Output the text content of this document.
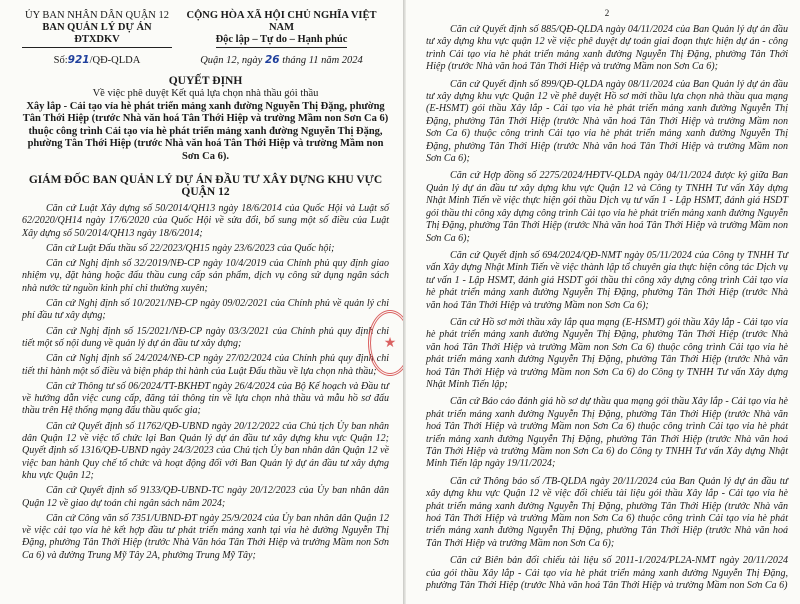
ỦY BAN NHÂN DÂN QUẬN 12
BAN QUẢN LÝ DỰ ÁN ĐTXDKV
CỘNG HÒA XÃ HỘI CHỦ NGHĨA VIỆT NAM
Độc lập – Tự do – Hạnh phúc
Số:921/QĐ-QLDA	Quận 12, ngày 26 tháng 11 năm 2024
QUYẾT ĐỊNH
Về việc phê duyệt Kết quả lựa chọn nhà thầu gói thầu
Xây lắp - Cải tạo vỉa hè phát triển mảng xanh đường Nguyễn Thị Đặng, phường Tân Thới Hiệp (trước Nhà văn hoá Tân Thới Hiệp và trường Mầm non Sơn Ca 6) thuộc công trình Cải tạo vỉa hè phát triển mảng xanh đường Nguyễn Thị Đặng, phường Tân Thới Hiệp (trước Nhà văn hoá Tân Thới Hiệp và trường Mầm non Sơn Ca 6).
GIÁM ĐỐC BAN QUẢN LÝ DỰ ÁN ĐẦU TƯ XÂY DỰNG KHU VỰC QUẬN 12

Căn cứ Luật Xây dựng số 50/2014/QH13 ngày 18/6/2014 của Quốc Hội và Luật số 62/2020/QH14 ngày 17/6/2020 của Quốc Hội về sửa đổi, bổ sung một số điều của Luật Xây dựng số 50/2014/QH13 ngày 18/6/2014;

Căn cứ Luật Đấu thầu số 22/2023/QH15 ngày 23/6/2023 của Quốc hội;

Căn cứ Nghị định số 32/2019/NĐ-CP ngày 10/4/2019 của Chính phủ quy định giao nhiệm vụ, đặt hàng hoặc đấu thầu cung cấp sản phẩm, dịch vụ công sử dụng ngân sách nhà nước từ nguồn kinh phí chi thường xuyên;

Căn cứ Nghị định số 10/2021/NĐ-CP ngày 09/02/2021 của Chính phủ về quản lý chi phí đầu tư xây dựng;

Căn cứ Nghị định số 15/2021/NĐ-CP ngày 03/3/2021 của Chính phủ quy định chi tiết một số nội dung về quản lý dự án đầu tư xây dựng;

Căn cứ Nghị định số 24/2024/NĐ-CP ngày 27/02/2024 của Chính phủ quy định chi tiết thi hành một số điều và biện pháp thi hành của Luật Đấu thầu về lựa chọn nhà thầu;

Căn cứ Thông tư số 06/2024/TT-BKHĐT ngày 26/4/2024 của Bộ Kế hoạch và Đầu tư về hướng dẫn việc cung cấp, đăng tải thông tin về lựa chọn nhà thầu và mẫu hồ sơ đấu thầu trên Hệ thống mạng đấu thầu quốc gia;

Căn cứ Quyết định số 11762/QĐ-UBND ngày 20/12/2022 của Chủ tịch Ủy ban nhân dân Quận 12 về việc tổ chức lại Ban Quản lý dự án đầu tư xây dựng khu vực Quận 12; Quyết định số 1316/QĐ-UBND ngày 24/3/2023 của Chủ tịch Ủy ban nhân dân Quận 12 về việc ban hành Quy chế tổ chức và hoạt động đối với Ban Quản lý dự án đầu tư xây dựng khu vực Quận 12;

Căn cứ Quyết định số 9133/QĐ-UBND-TC ngày 20/12/2023 của Ủy ban nhân dân Quận 12 về giao dự toán chi ngân sách năm 2024;

Căn cứ Công văn số 7351/UBND-ĐT ngày 25/9/2024 của Ủy ban nhân dân Quận 12 về việc cải tạo vỉa hè kết hợp đầu tư phát triển mảng xanh tại vỉa hè đường Nguyễn Thị Đặng, phường Tân Thới Hiệp (trước Nhà Văn hóa Tân Thới Hiệp và trường Mầm non Sơn Ca 6) và đường Trung Mỹ Tây 2A, phường Trung Mỹ Tây;

★
2

Căn cứ Quyết định số 885/QĐ-QLDA ngày 04/11/2024 của Ban Quản lý dự án đầu tư xây dựng khu vực quận 12 về việc phê duyệt dự toán giai đoạn thực hiện dự án - công trình Cải tạo vỉa hè phát triển mảng xanh đường Nguyễn Thị Đặng, phường Tân Thới Hiệp (trước Nhà văn hoá Tân Thới Hiệp và trường Mầm non Sơn Ca 6);

Căn cứ Quyết định số 899/QĐ-QLDA ngày 08/11/2024 của Ban Quản lý dự án đầu tư xây dựng khu vực Quận 12 về phê duyệt Hồ sơ mời thầu lựa chọn nhà thầu qua mạng (E-HSMT) gói thầu Xây lắp - Cải tạo vỉa hè phát triển mảng xanh đường Nguyễn Thị Đặng, phường Tân Thới Hiệp (trước Nhà văn hoá Tân Thới Hiệp và trường Mầm non Sơn Ca 6) thuộc công trình Cải tạo vỉa hè phát triển mảng xanh đường Nguyễn Thị Đặng, phường Tân Thới Hiệp (trước Nhà văn hoá Tân Thới Hiệp và trường Mầm non Sơn Ca 6);

Căn cứ Hợp đồng số 2275/2024/HĐTV-QLDA ngày 04/11/2024 được ký giữa Ban Quản lý dự án đầu tư xây dựng khu vực Quận 12 và Công ty TNHH Tư vấn Xây dựng Nhật Minh Tiến về việc thực hiện gói thầu Dịch vụ tư vấn 1 - Lập HSMT, đánh giá HSDT gói thầu thi công xây dựng công trình Cải tạo vỉa hè phát triển mảng xanh đường Nguyễn Thị Đặng, phường Tân Thới Hiệp (trước Nhà văn hoá Tân Thới Hiệp và trường Mầm non Sơn Ca 6);

Căn cứ Quyết định số 694/2024/QĐ-NMT ngày 05/11/2024 của Công ty TNHH Tư vấn Xây dựng Nhật Minh Tiến về việc thành lập tổ chuyên gia thực hiện công tác Dịch vụ tư vấn 1 - Lập HSMT, đánh giá HSDT gói thầu thi công xây dựng công trình Cải tạo vỉa hè phát triển mảng xanh đường Nguyễn Thị Đặng, phường Tân Thới Hiệp (trước Nhà văn hoá Tân Thới Hiệp và trường Mầm non Sơn Ca 6);

Căn cứ Hồ sơ mời thầu xây lắp qua mạng (E-HSMT) gói thầu Xây lắp - Cải tạo vỉa hè phát triển mảng xanh đường Nguyễn Thị Đặng, phường Tân Thới Hiệp (trước Nhà văn hoá Tân Thới Hiệp và trường Mầm non Sơn Ca 6) thuộc công trình Cải tạo vỉa hè phát triển mảng xanh đường Nguyễn Thị Đặng, phường Tân Thới Hiệp (trước Nhà văn hoá Tân Thới Hiệp và trường Mầm non Sơn Ca 6) do Công ty TNHH Tư vấn Xây dựng Nhật Minh Tiến lập;

Căn cứ Báo cáo đánh giá hồ sơ dự thầu qua mạng gói thầu Xây lắp - Cải tạo vỉa hè phát triển mảng xanh đường Nguyễn Thị Đặng, phường Tân Thới Hiệp (trước Nhà văn hoá Tân Thới Hiệp và trường Mầm non Sơn Ca 6) thuộc công trình Cải tạo vỉa hè phát triển mảng xanh đường Nguyễn Thị Đặng, phường Tân Thới Hiệp (trước Nhà văn hoá Tân Thới Hiệp và trường Mầm non Sơn Ca 6) do Công ty TNHH Tư vấn Xây dựng Nhật Minh Tiến lập ngày 19/11/2024;

Căn cứ Thông báo số /TB-QLDA ngày 20/11/2024 của Ban Quản lý dự án đầu tư xây dựng khu vực Quận 12 về việc đối chiếu tài liệu gói thầu Xây lắp - Cải tạo vỉa hè phát triển mảng xanh đường Nguyễn Thị Đặng, phường Tân Thới Hiệp (trước Nhà văn hoá Tân Thới Hiệp và trường Mầm non Sơn Ca 6) thuộc công trình Cải tạo vỉa hè phát triển mảng xanh đường Nguyễn Thị Đặng, phường Tân Thới Hiệp (trước Nhà văn hoá Tân Thới Hiệp và trường Mầm non Sơn Ca 6);

Căn cứ Biên bản đối chiếu tài liệu số 2011-1/2024/PL2A-NMT ngày 20/11/2024 của gói thầu Xây lắp - Cải tạo vỉa hè phát triển mảng xanh đường Nguyễn Thị Đặng, phường Tân Thới Hiệp (trước Nhà văn hoá Tân Thới Hiệp và trường Mầm non Sơn Ca 6)
